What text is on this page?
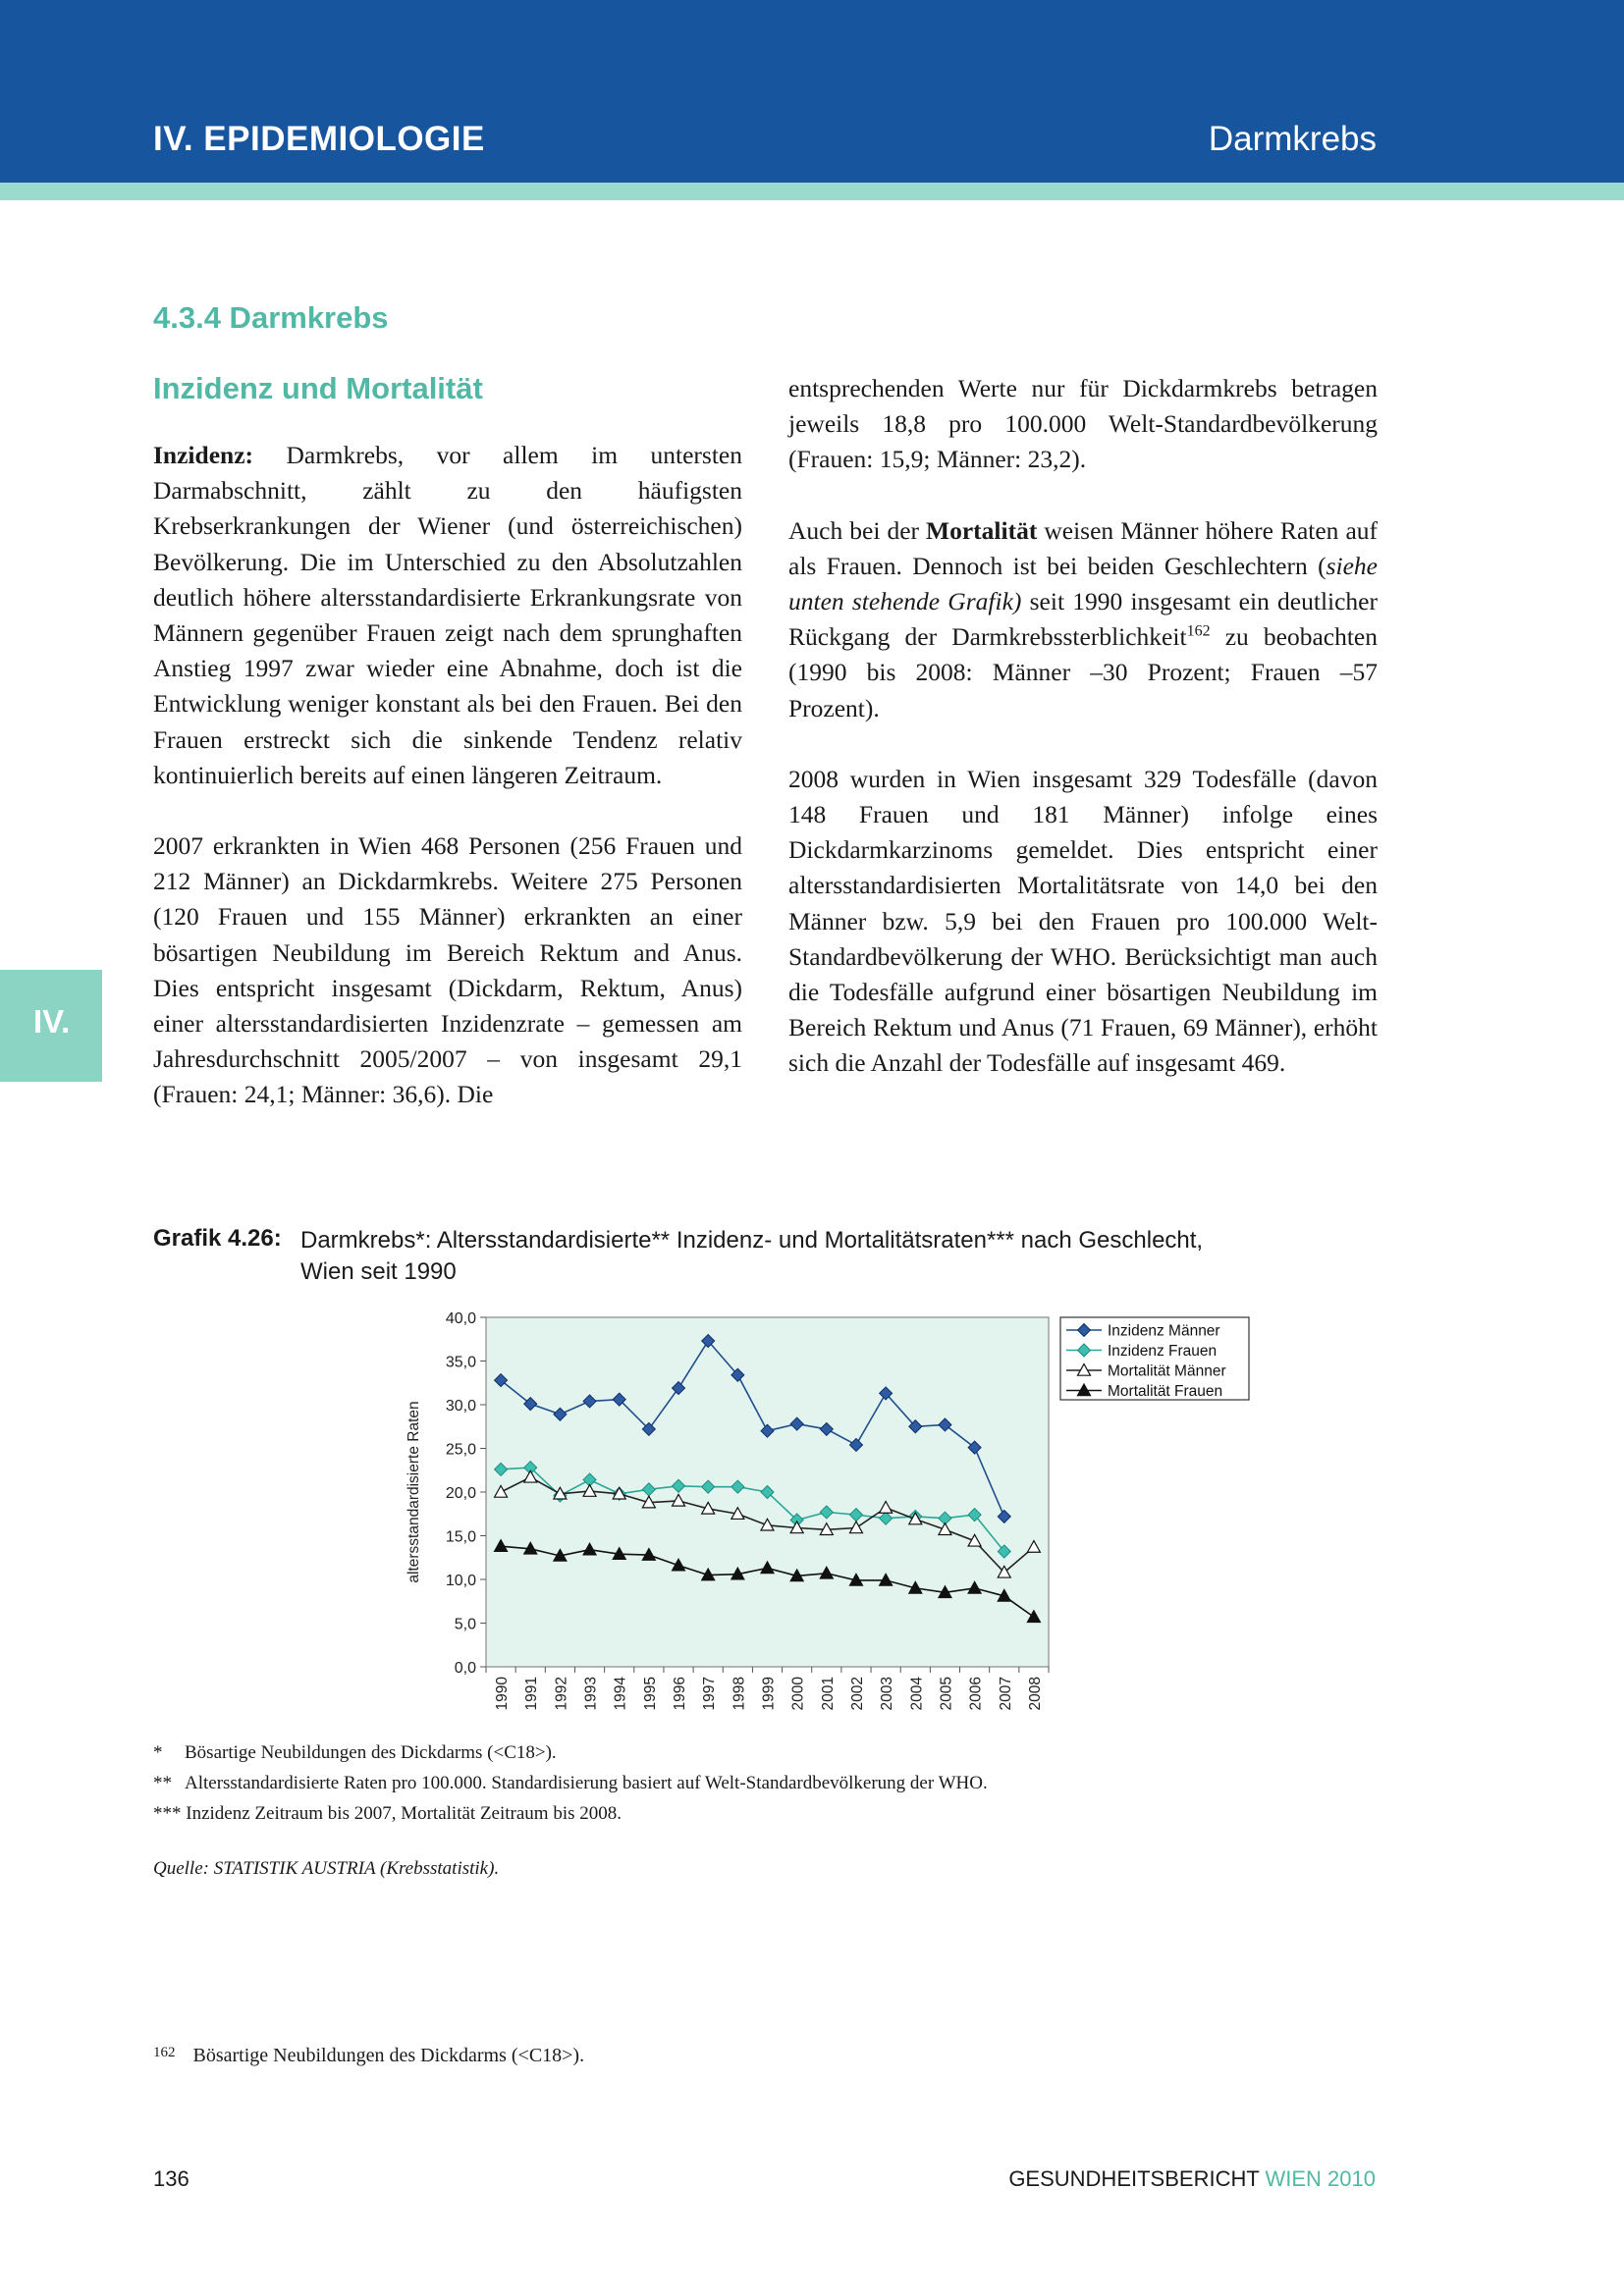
IV. EPIDEMIOLOGIE	Darmkrebs
IV.
4.3.4 Darmkrebs
Inzidenz und Mortalität

Inzidenz: Darmkrebs, vor allem im untersten Darmabschnitt, zählt zu den häufigsten Krebserkrankungen der Wiener (und österreichischen) Bevölkerung. Die im Unterschied zu den Absolutzahlen deutlich höhere altersstandardisierte Erkrankungsrate von Männern gegenüber Frauen zeigt nach dem sprunghaften Anstieg 1997 zwar wieder eine Abnahme, doch ist die Entwicklung weniger konstant als bei den Frauen. Bei den Frauen erstreckt sich die sinkende Tendenz relativ kontinuierlich bereits auf einen längeren Zeitraum.

2007 erkrankten in Wien 468 Personen (256 Frauen und 212 Männer) an Dickdarmkrebs. Weitere 275 Personen (120 Frauen und 155 Männer) erkrankten an einer bösartigen Neubildung im Bereich Rektum and Anus. Dies entspricht insgesamt (Dickdarm, Rektum, Anus) einer altersstandardisierten Inzidenzrate – gemessen am Jahresdurchschnitt 2005/2007 – von insgesamt 29,1 (Frauen: 24,1; Männer: 36,6). Die

entsprechenden Werte nur für Dickdarmkrebs betragen jeweils 18,8 pro 100.000 Welt-Standardbevölkerung (Frauen: 15,9; Männer: 23,2).

Auch bei der Mortalität weisen Männer höhere Raten auf als Frauen. Dennoch ist bei beiden Geschlechtern (siehe unten stehende Grafik) seit 1990 insgesamt ein deutlicher Rückgang der Darmkrebssterblichkeit$^{162}$ zu beobachten (1990 bis 2008: Männer –30 Prozent; Frauen –57 Prozent).

2008 wurden in Wien insgesamt 329 Todesfälle (davon 148 Frauen und 181 Männer) infolge eines Dickdarmkarzinoms gemeldet. Dies entspricht einer altersstandardisierten Mortalitätsrate von 14,0 bei den Männer bzw. 5,9 bei den Frauen pro 100.000 Welt-Standardbevölkerung der WHO. Berücksichtigt man auch die Todesfälle aufgrund einer bösartigen Neubildung im Bereich Rektum und Anus (71 Frauen, 69 Männer), erhöht sich die Anzahl der Todesfälle auf insgesamt 469.

Grafik 4.26: Darmkrebs*: Altersstandardisierte** Inzidenz- und Mortalitätsraten*** nach Geschlecht,
Wien seit 1990
0,0
5,0
10,0
15,0
20,0
25,0
30,0
35,0
40,0
1990 1991 1992 1993 1994 1995 1996 1997 1998 1999 2000 2001 2002 2003 2004 2005 2006 2007 2008
altersstandardisierte Raten
Inzidenz Männer
Inzidenz Frauen
Mortalität Männer
Mortalität Frauen
* Bösartige Neubildungen des Dickdarms (<C18>).
** Altersstandardisierte Raten pro 100.000. Standardisierung basiert auf Welt-Standardbevölkerung der WHO.
*** Inzidenz Zeitraum bis 2007, Mortalität Zeitraum bis 2008.
Quelle: STATISTIK AUSTRIA (Krebsstatistik).
$^{162}$ Bösartige Neubildungen des Dickdarms (<C18>).
136	GESUNDHEITSBERICHT WIEN 2010
